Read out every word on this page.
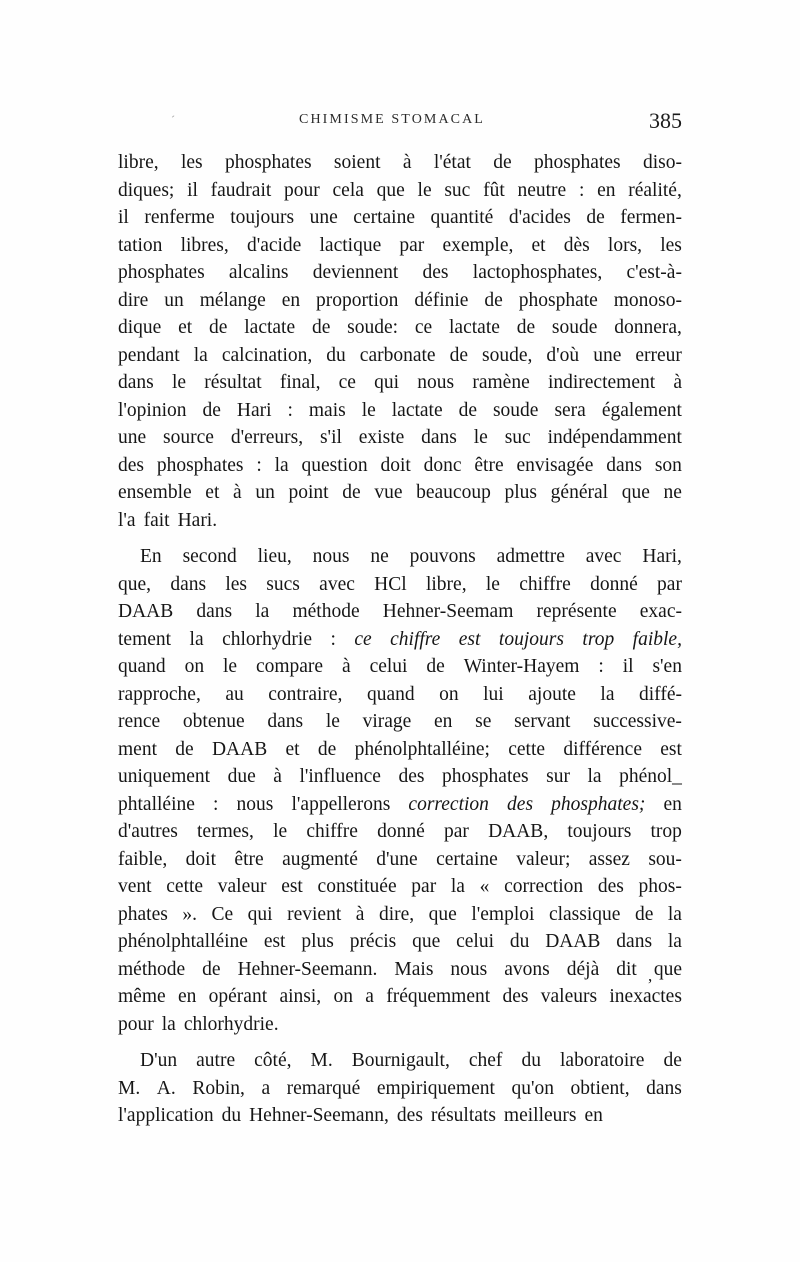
CHIMISME STOMACAL	385
´
libre, les phosphates soient à l'état de phosphates diso-
diques; il faudrait pour cela que le suc fût neutre : en réalité,
il renferme toujours une certaine quantité d'acides de fermen-
tation libres, d'acide lactique par exemple, et dès lors, les
phosphates alcalins deviennent des lactophosphates, c'est-à-
dire un mélange en proportion définie de phosphate monoso-
dique et de lactate de soude: ce lactate de soude donnera,
pendant la calcination, du carbonate de soude, d'où une erreur
dans le résultat final, ce qui nous ramène indirectement à
l'opinion de Hari : mais le lactate de soude sera également
une source d'erreurs, s'il existe dans le suc indépendamment
des phosphates : la question doit donc être envisagée dans son
ensemble et à un point de vue beaucoup plus général que ne
l'a fait Hari.
En second lieu, nous ne pouvons admettre avec Hari,
que, dans les sucs avec HCl libre, le chiffre donné par
DAAB dans la méthode Hehner-Seemam représente exac-
tement la chlorhydrie : ce chiffre est toujours trop faible,
quand on le compare à celui de Winter-Hayem : il s'en
rapproche, au contraire, quand on lui ajoute la diffé-
rence obtenue dans le virage en se servant successive-
ment de DAAB et de phénolphtalléine; cette différence est
uniquement due à l'influence des phosphates sur la phénol_
phtalléine : nous l'appellerons correction des phosphates; en
d'autres termes, le chiffre donné par DAAB, toujours trop
faible, doit être augmenté d'une certaine valeur; assez sou-
vent cette valeur est constituée par la « correction des phos-
phates ». Ce qui revient à dire, que l'emploi classique de la
phénolphtalléine est plus précis que celui du DAAB dans la
méthode de Hehner-Seemann. Mais nous avons déjà dit que
,
même en opérant ainsi, on a fréquemment des valeurs inexactes
pour la chlorhydrie.
D'un autre côté, M. Bournigault, chef du laboratoire de
M. A. Robin, a remarqué empiriquement qu'on obtient, dans
l'application du Hehner-Seemann, des résultats meilleurs en
